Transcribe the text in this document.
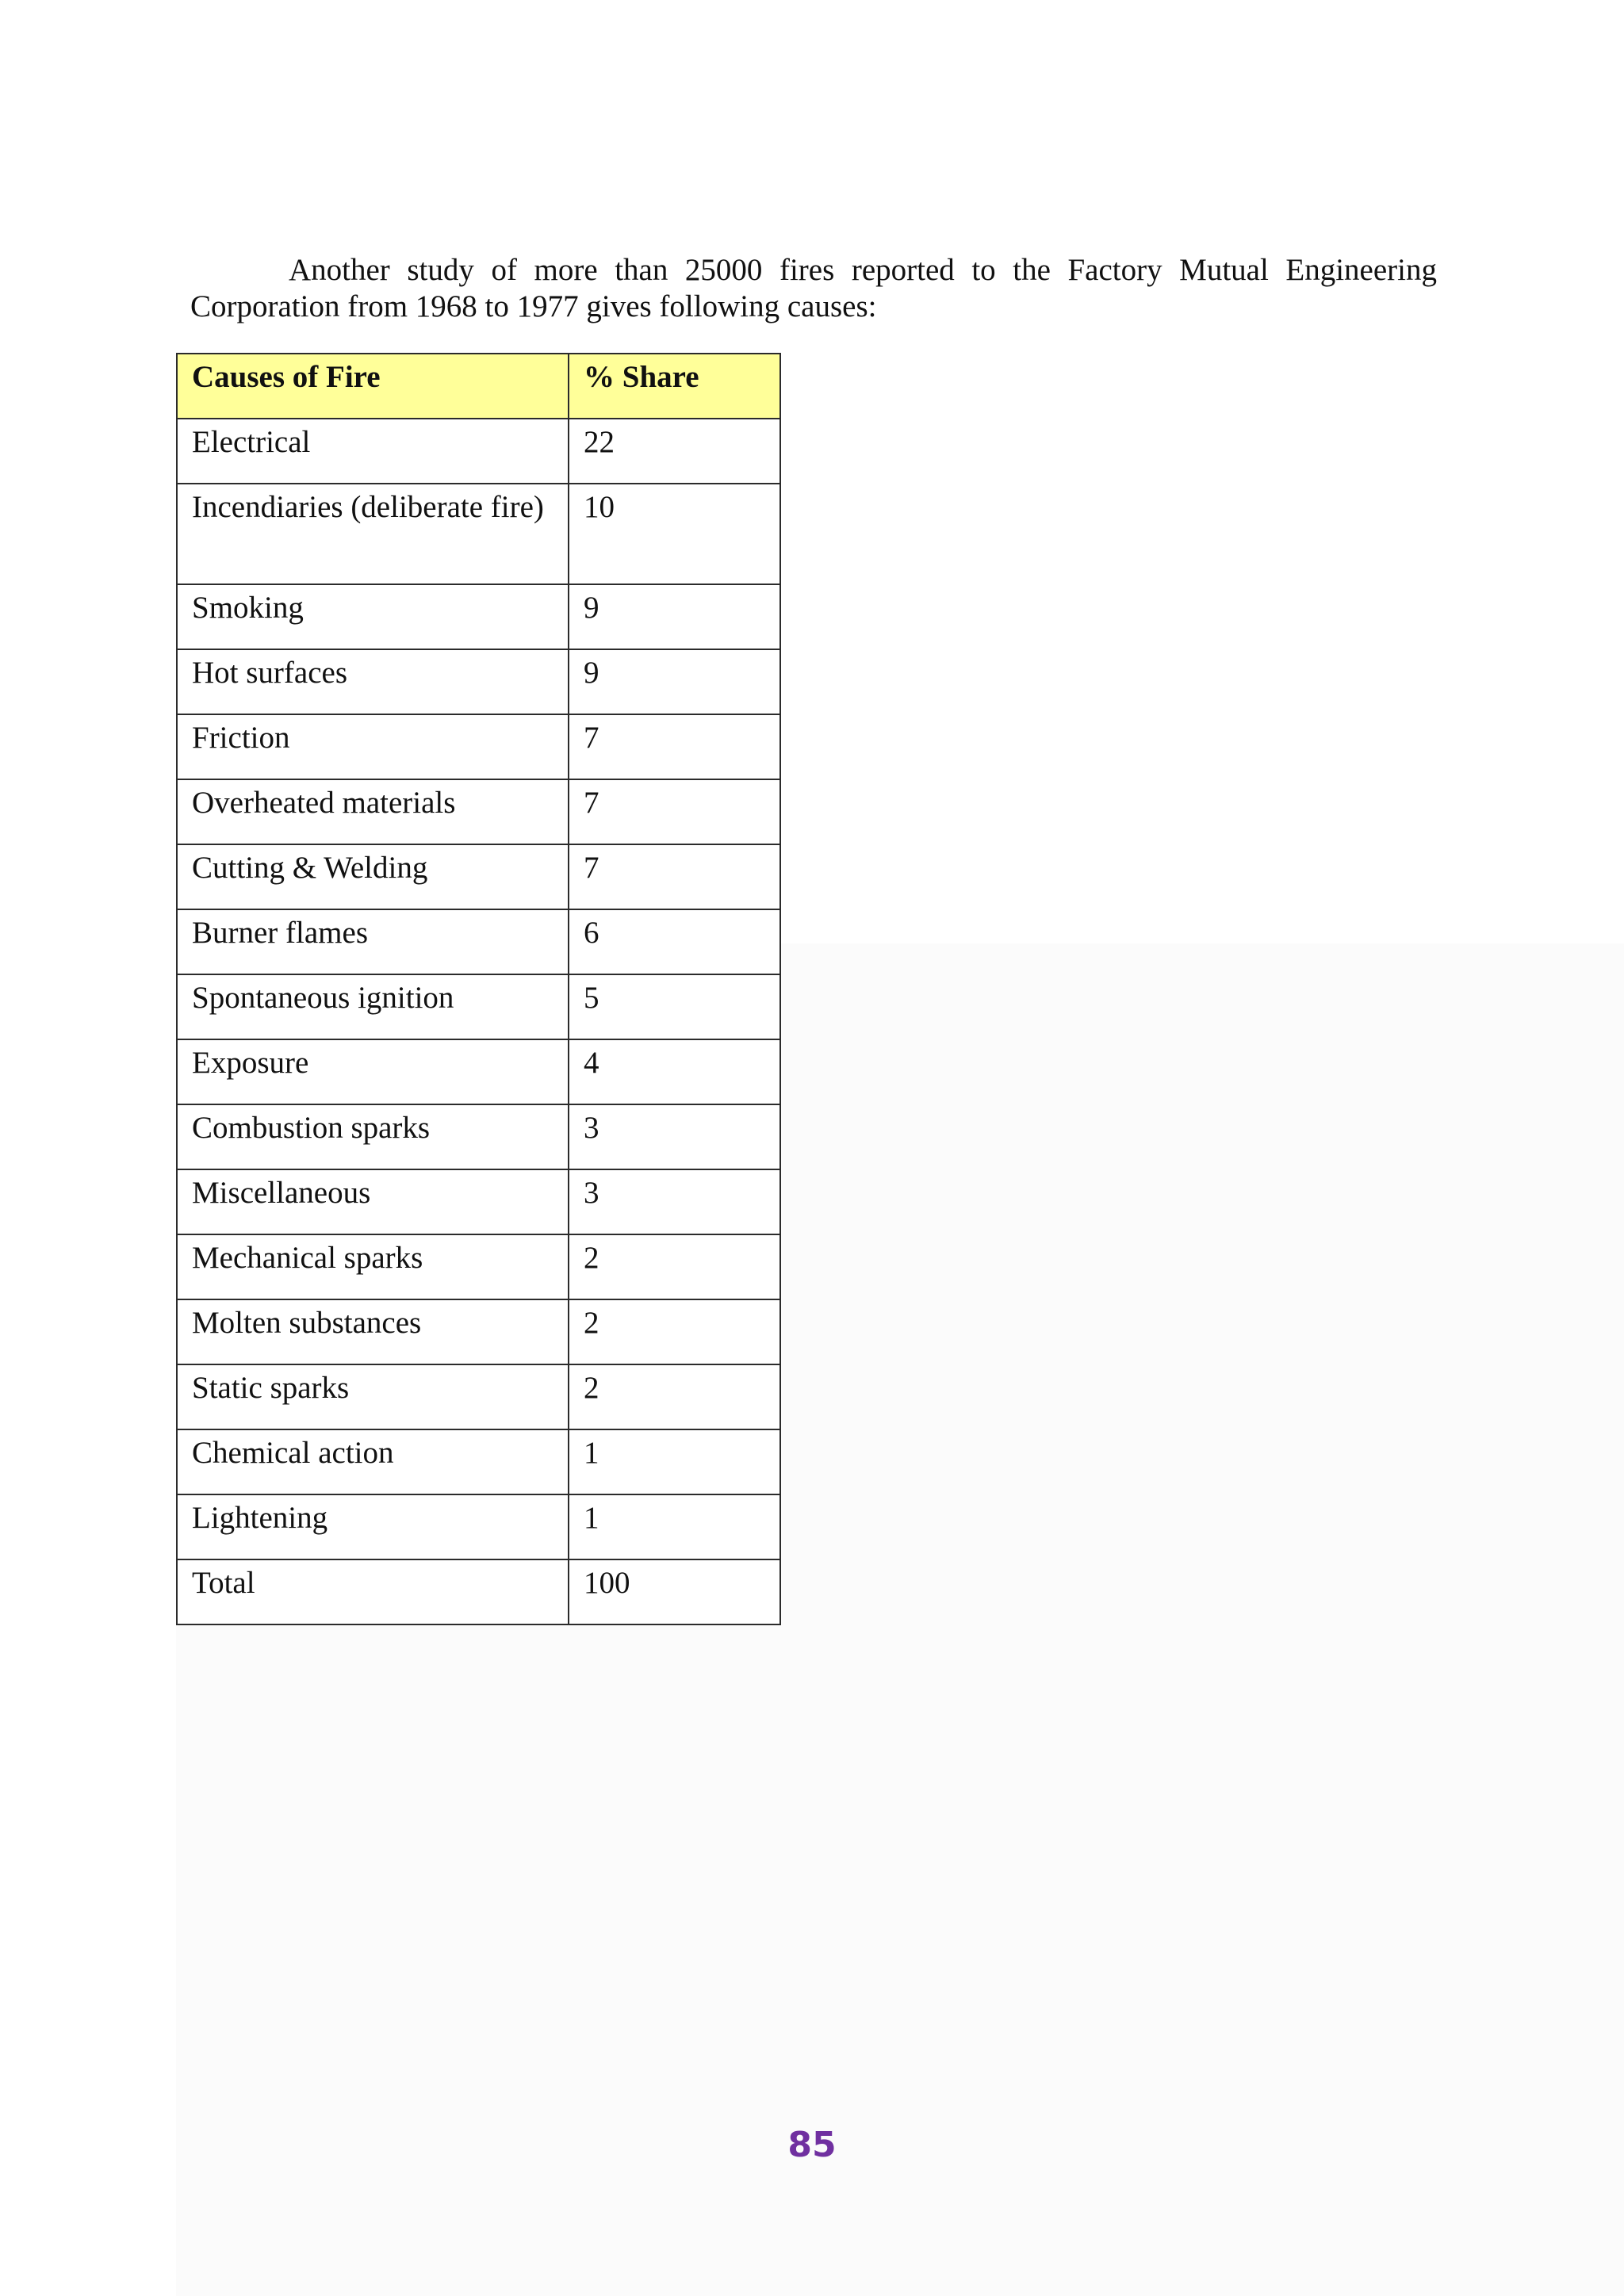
Another study of more than 25000 fires reported to the Factory Mutual Engineering Corporation from 1968 to 1977 gives following causes:

Causes of Fire	% Share
Electrical	22
Incendiaries (deliberate fire)	10
Smoking	9
Hot surfaces	9
Friction	7
Overheated materials	7
Cutting & Welding	7
Burner flames	6
Spontaneous ignition	5
Exposure	4
Combustion sparks	3
Miscellaneous	3
Mechanical sparks	2
Molten substances	2
Static sparks	2
Chemical action	1
Lightening	1
Total	100
85
